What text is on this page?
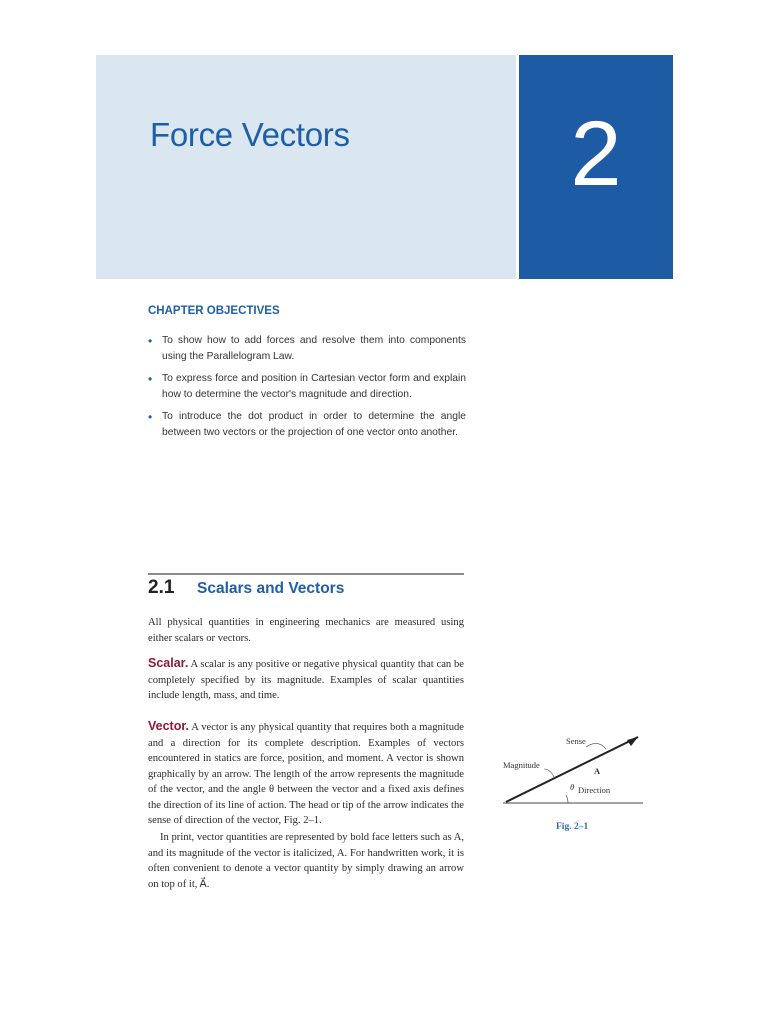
Force Vectors	2
CHAPTER OBJECTIVES
• To show how to add forces and resolve them into components using the Parallelogram Law.
• To express force and position in Cartesian vector form and explain how to determine the vector's magnitude and direction.
• To introduce the dot product in order to determine the angle between two vectors or the projection of one vector onto another.
2.1 Scalars and Vectors

All physical quantities in engineering mechanics are measured using either scalars or vectors.

Scalar. A scalar is any positive or negative physical quantity that can be completely specified by its magnitude. Examples of scalar quantities include length, mass, and time.

Vector. A vector is any physical quantity that requires both a magnitude and a direction for its complete description. Examples of vectors encountered in statics are force, position, and moment. A vector is shown graphically by an arrow. The length of the arrow represents the magnitude of the vector, and the angle θ between the vector and a fixed axis defines the direction of its line of action. The head or tip of the arrow indicates the sense of direction of the vector, Fig. 2–1.

In print, vector quantities are represented by bold face letters such as A, and its magnitude of the vector is italicized, A. For handwritten work, it is often convenient to denote a vector quantity by simply drawing an arrow on top of it, A⃗.

Sense
Magnitude
A
θ Direction
Fig. 2–1
